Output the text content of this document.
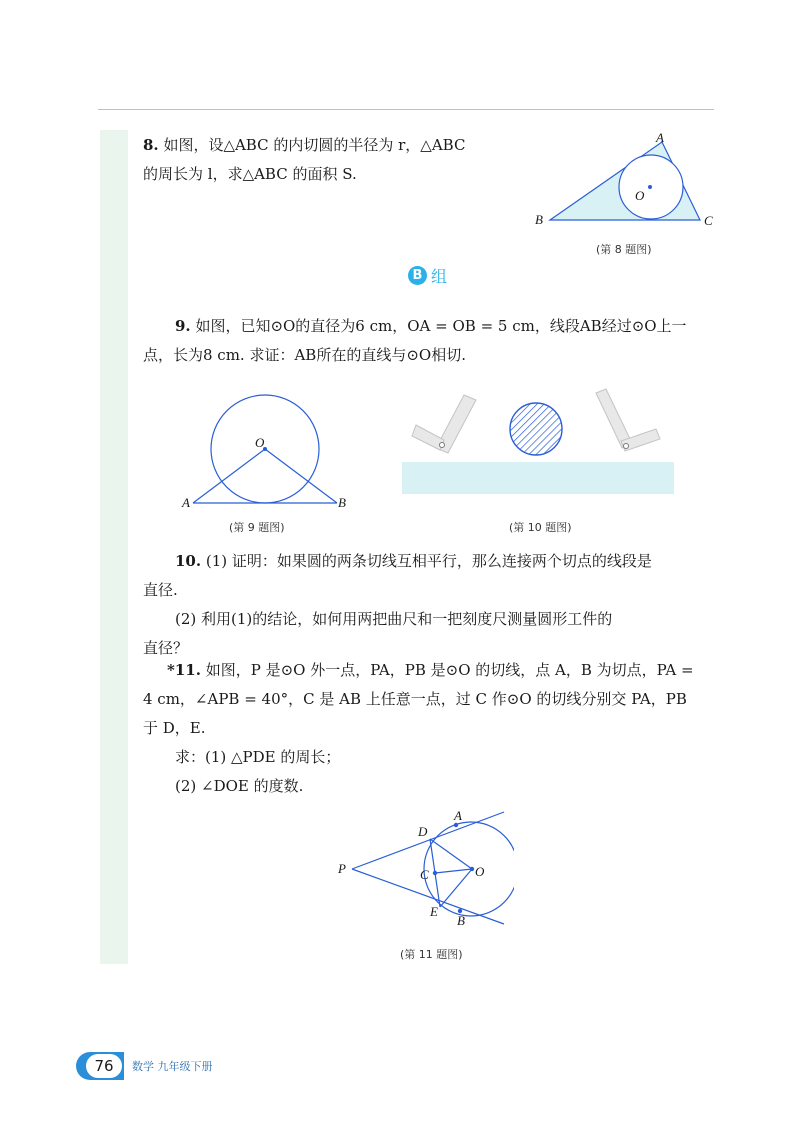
8. 如图，设△ABC 的内切圆的半径为 r，△ABC

的周长为 l，求△ABC 的面积 S.

A
B	C
O
(第 8 题图)
B 组

9. 如图，已知⊙O的直径为6 cm，OA = OB = 5 cm，线段AB经过⊙O上一

点，长为8 cm. 求证：AB所在的直线与⊙O相切.

O
A	B
(第 9 题图)	(第 10 题图)

10. (1) 证明：如果圆的两条切线互相平行，那么连接两个切点的线段是

直径.

(2) 利用(1)的结论，如何用两把曲尺和一把刻度尺测量圆形工件的

直径？

*11. 如图，P 是⊙O 外一点，PA，PB 是⊙O 的切线，点 A，B 为切点，PA =

4 cm，∠APB = 40°，C 是 AB 上任意一点，过 C 作⊙O 的切线分别交 PA，PB

于 D，E.

求：(1) △PDE 的周长；

(2) ∠DOE 的度数.

P
D
A
C	O
E
B
(第 11 题图)
76	数学 九年级下册
